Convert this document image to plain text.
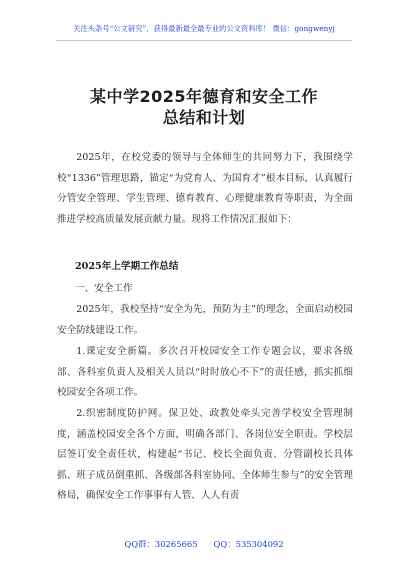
关注头条号“公文研究”，获得最新最全最专业的公文资料库！ 微信：gongwenyj
某中学2025年德育和安全工作
总结和计划
2025年，在校党委的领导与全体师生的共同努力下，我围绕学校“1336”管理思路，锚定“为党育人、为国育才”根本目标，认真履行分管安全管理、学生管理、德育教育、心理健康教育等职责，为全面推进学校高质量发展贡献力量。现将工作情况汇报如下：
2025年上学期工作总结
一、安全工作
2025年，我校坚持“安全为先，预防为主”的理念，全面启动校园安全防线建设工作。
1.课定安全新篇。多次召开校园安全工作专题会议，要求各级部、各科室负责人及相关人员以“时时放心不下”的责任感，抓实抓细校园安全各项工作。
2.织密制度防护网。保卫处、政教处牵头完善学校安全管理制度，涵盖校园安全各个方面，明确各部门、各岗位安全职责。学校层层签订安全责任状，构建起“书记、校长全面负责、分管副校长具体抓、班子成员倒重抓、各级部各科室协同、全体师生参与”的安全管理格局，确保安全工作事事有人管、人人有责
QQ群：30265665      QQ：535304092
